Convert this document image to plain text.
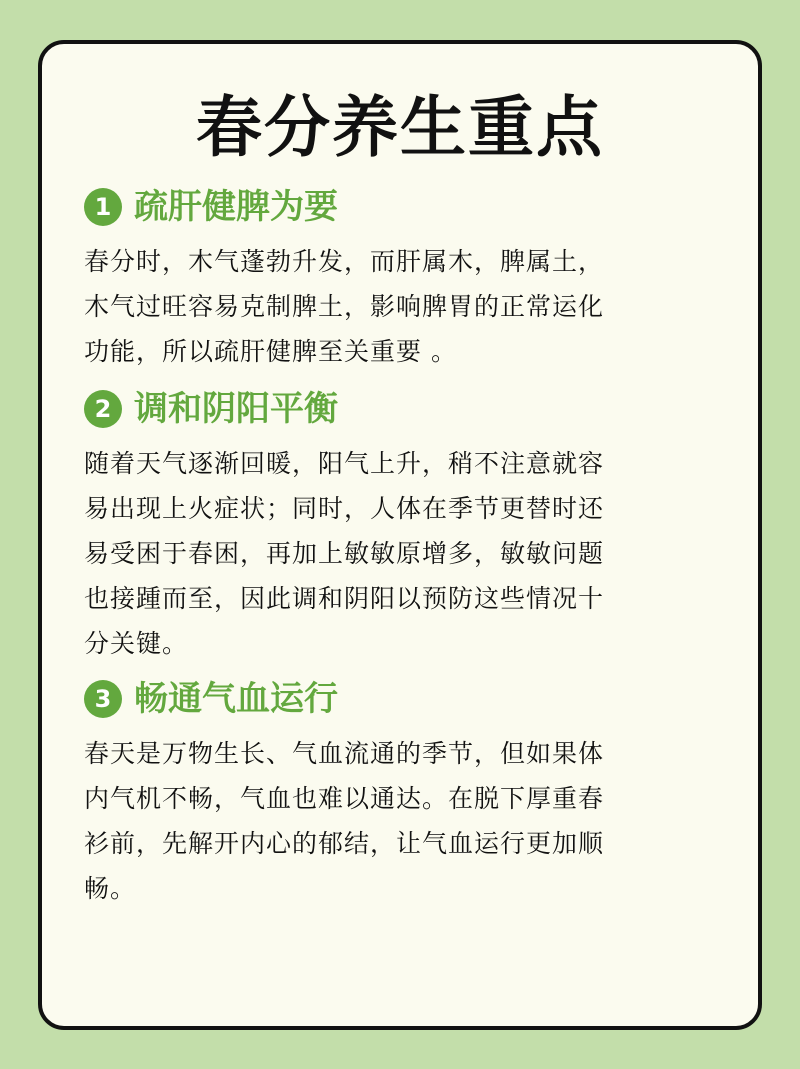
春分养生重点
1 疏肝健脾为要

春分时，木气蓬勃升发，而肝属木，脾属土，
木气过旺容易克制脾土，影响脾胃的正常运化
功能，所以疏肝健脾至关重要 。

2 调和阴阳平衡

随着天气逐渐回暖，阳气上升，稍不注意就容
易出现上火症状；同时，人体在季节更替时还
易受困于春困，再加上敏敏原增多，敏敏问题
也接踵而至，因此调和阴阳以预防这些情况十
分关键。

3 畅通气血运行

春天是万物生长、气血流通的季节，但如果体
内气机不畅，气血也难以通达。在脱下厚重春
衫前，先解开内心的郁结，让气血运行更加顺
畅。
